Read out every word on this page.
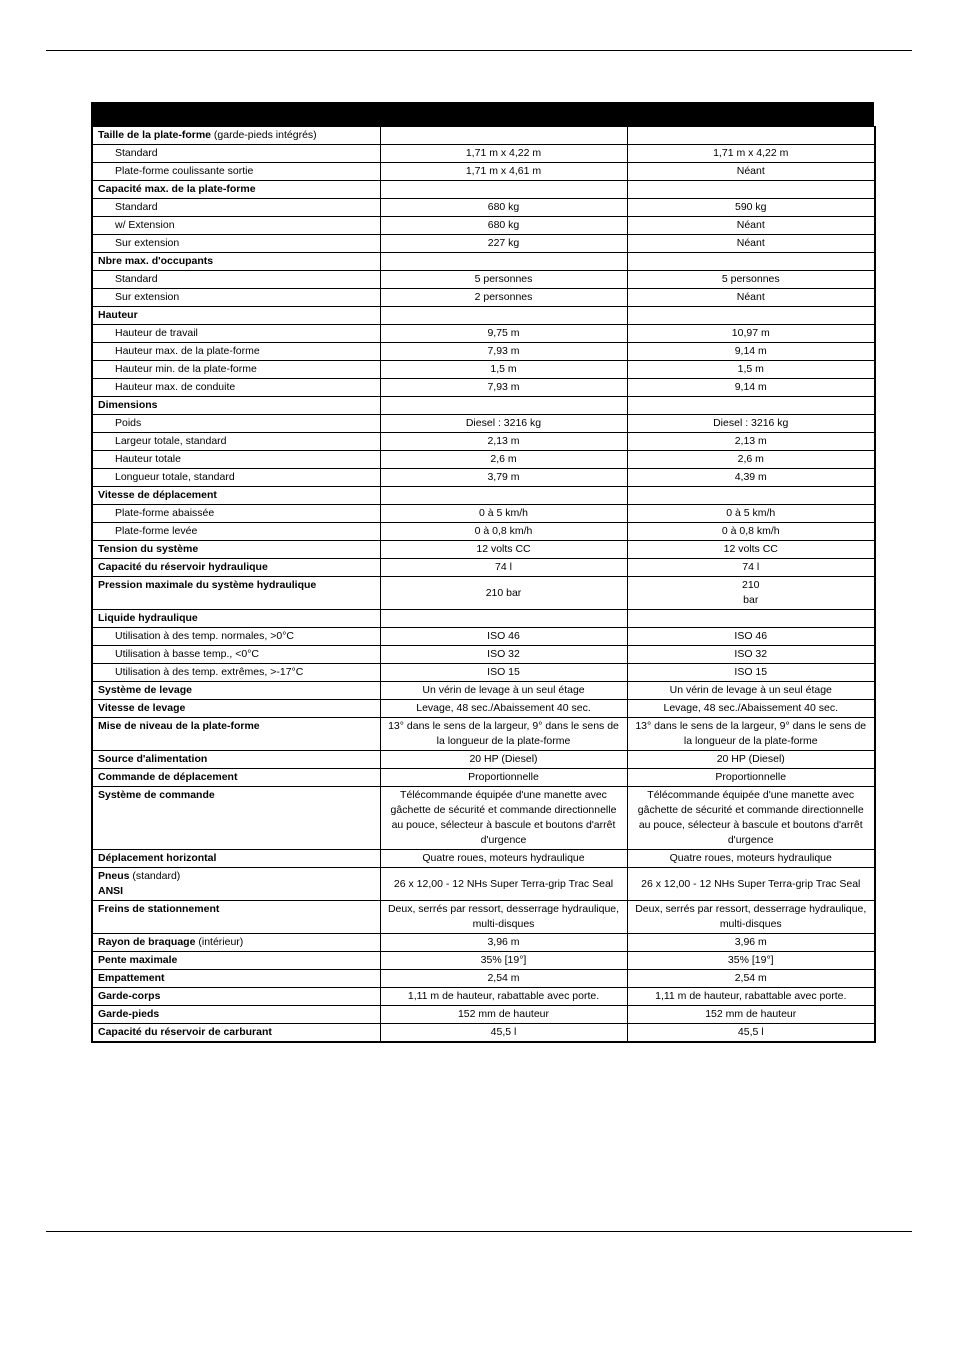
Taille de la plate-forme (garde-pieds intégrés)		
Standard	1,71 m x 4,22 m	1,71 m x 4,22 m
Plate-forme coulissante sortie	1,71 m x 4,61 m	Néant
Capacité max. de la plate-forme		
Standard	680 kg	590 kg
w/ Extension	680 kg	Néant
Sur extension	227 kg	Néant
Nbre max. d'occupants		
Standard	5 personnes	5 personnes
Sur extension	2 personnes	Néant
Hauteur		
Hauteur de travail	9,75 m	10,97 m
Hauteur max. de la plate-forme	7,93 m	9,14 m
Hauteur min. de la plate-forme	1,5 m	1,5 m
Hauteur max. de conduite	7,93 m	9,14 m
Dimensions		
Poids	Diesel : 3216 kg	Diesel : 3216 kg
Largeur totale, standard	2,13 m	2,13 m
Hauteur totale	2,6 m	2,6 m
Longueur totale, standard	3,79 m	4,39 m
Vitesse de déplacement		
Plate-forme abaissée	0 à 5 km/h	0 à 5 km/h
Plate-forme levée	0 à 0,8 km/h	0 à 0,8 km/h
Tension du système	12 volts CC	12 volts CC
Capacité du réservoir hydraulique	74 l	74 l
Pression maximale du système hydraulique	210 bar	210
bar
Liquide hydraulique		
Utilisation à des temp. normales, >0°C	ISO 46	ISO 46
Utilisation à basse temp., <0°C	ISO 32	ISO 32
Utilisation à des temp. extrêmes, >-17°C	ISO 15	ISO 15
Système de levage	Un vérin de levage à un seul étage	Un vérin de levage à un seul étage
Vitesse de levage	Levage, 48 sec./Abaissement 40 sec.	Levage, 48 sec./Abaissement 40 sec.
Mise de niveau de la plate-forme	13° dans le sens de la largeur, 9° dans le sens de la longueur de la plate-forme	13° dans le sens de la largeur, 9° dans le sens de la longueur de la plate-forme
Source d'alimentation	20 HP (Diesel)	20 HP (Diesel)
Commande de déplacement	Proportionnelle	Proportionnelle
Système de commande	Télécommande équipée d'une manette avec gâchette de sécurité et commande directionnelle au pouce, sélecteur à bascule et boutons d'arrêt d'urgence	Télécommande équipée d'une manette avec gâchette de sécurité et commande directionnelle au pouce, sélecteur à bascule et boutons d'arrêt d'urgence
Déplacement horizontal	Quatre roues, moteurs hydraulique	Quatre roues, moteurs hydraulique
Pneus (standard)
ANSI	26 x 12,00 - 12 NHs Super Terra-grip Trac Seal	26 x 12,00 - 12 NHs Super Terra-grip Trac Seal
Freins de stationnement	Deux, serrés par ressort, desserrage hydraulique, multi-disques	Deux, serrés par ressort, desserrage hydraulique, multi-disques
Rayon de braquage (intérieur)	3,96 m	3,96 m
Pente maximale	35% [19°]	35% [19°]
Empattement	2,54 m	2,54 m
Garde-corps	1,11 m de hauteur, rabattable avec porte.	1,11 m de hauteur, rabattable avec porte.
Garde-pieds	152 mm de hauteur	152 mm de hauteur
Capacité du réservoir de carburant	45,5 l	45,5 l
